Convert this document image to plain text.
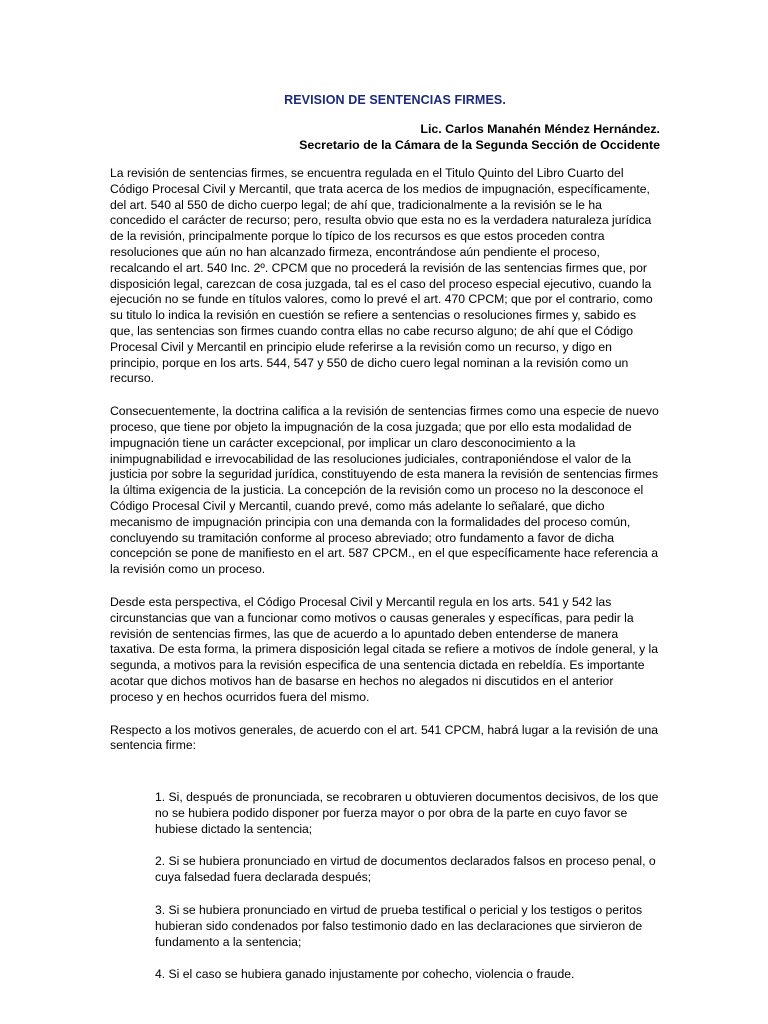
REVISION DE SENTENCIAS FIRMES.
Lic. Carlos Manahén Méndez Hernández.
Secretario de la Cámara de la Segunda Sección de Occidente

La revisión de sentencias firmes, se encuentra regulada en el Titulo Quinto del Libro Cuarto del Código Procesal Civil y Mercantil, que trata acerca de los medios de impugnación, específicamente, del art. 540 al 550 de dicho cuerpo legal; de ahí que, tradicionalmente a la revisión se le ha concedido el carácter de recurso; pero, resulta obvio que esta no es la verdadera naturaleza jurídica de la revisión, principalmente porque lo típico de los recursos es que estos proceden contra resoluciones que aún no han alcanzado firmeza, encontrándose aún pendiente el proceso, recalcando el art. 540 Inc. 2º. CPCM que no procederá la revisión de las sentencias firmes que, por disposición legal, carezcan de cosa juzgada, tal es el caso del proceso especial ejecutivo, cuando la ejecución no se funde en títulos valores, como lo prevé el art. 470 CPCM; que por el contrario, como su titulo lo indica la revisión en cuestión se refiere a sentencias o resoluciones firmes y, sabido es que, las sentencias son firmes cuando contra ellas no cabe recurso alguno; de ahí que el Código Procesal Civil y Mercantil en principio elude referirse a la revisión como un recurso, y digo en principio, porque en los arts. 544, 547 y 550 de dicho cuero legal nominan a la revisión como un recurso.

Consecuentemente, la doctrina califica a la revisión de sentencias firmes como una especie de nuevo proceso, que tiene por objeto la impugnación de la cosa juzgada; que por ello esta modalidad de impugnación tiene un carácter excepcional, por implicar un claro desconocimiento a la inimpugnabilidad e irrevocabilidad de las resoluciones judiciales, contraponiéndose el valor de la justicia por sobre la seguridad jurídica, constituyendo de esta manera la revisión de sentencias firmes la última exigencia de la justicia. La concepción de la revisión como un proceso no la desconoce el Código Procesal Civil y Mercantil, cuando prevé, como más adelante lo señalaré, que dicho mecanismo de impugnación principia con una demanda con la formalidades del proceso común, concluyendo su tramitación conforme al proceso abreviado; otro fundamento a favor de dicha concepción se pone de manifiesto en el art. 587 CPCM., en el que específicamente hace referencia a la revisión como un proceso.

Desde esta perspectiva, el Código Procesal Civil y Mercantil regula en los arts. 541 y 542 las circunstancias que van a funcionar como motivos o causas generales y específicas, para pedir la revisión de sentencias firmes, las que de acuerdo a lo apuntado deben entenderse de manera taxativa. De esta forma, la primera disposición legal citada se refiere a motivos de índole general, y la segunda, a motivos para la revisión especifica de una sentencia dictada en rebeldía. Es importante acotar que dichos motivos han de basarse en hechos no alegados ni discutidos en el anterior proceso y en hechos ocurridos fuera del mismo.

Respecto a los motivos generales, de acuerdo con el art. 541 CPCM, habrá lugar a la revisión de una sentencia firme:

1. Si, después de pronunciada, se recobraren u obtuvieren documentos decisivos, de los que no se hubiera podido disponer por fuerza mayor o por obra de la parte en cuyo favor se hubiese dictado la sentencia;

2. Si se hubiera pronunciado en virtud de documentos declarados falsos en proceso penal, o cuya falsedad fuera declarada después;

3. Si se hubiera pronunciado en virtud de prueba testifical o pericial y los testigos o peritos hubieran sido condenados por falso testimonio dado en las declaraciones que sirvieron de fundamento a la sentencia;

4. Si el caso se hubiera ganado injustamente por cohecho, violencia o fraude.
